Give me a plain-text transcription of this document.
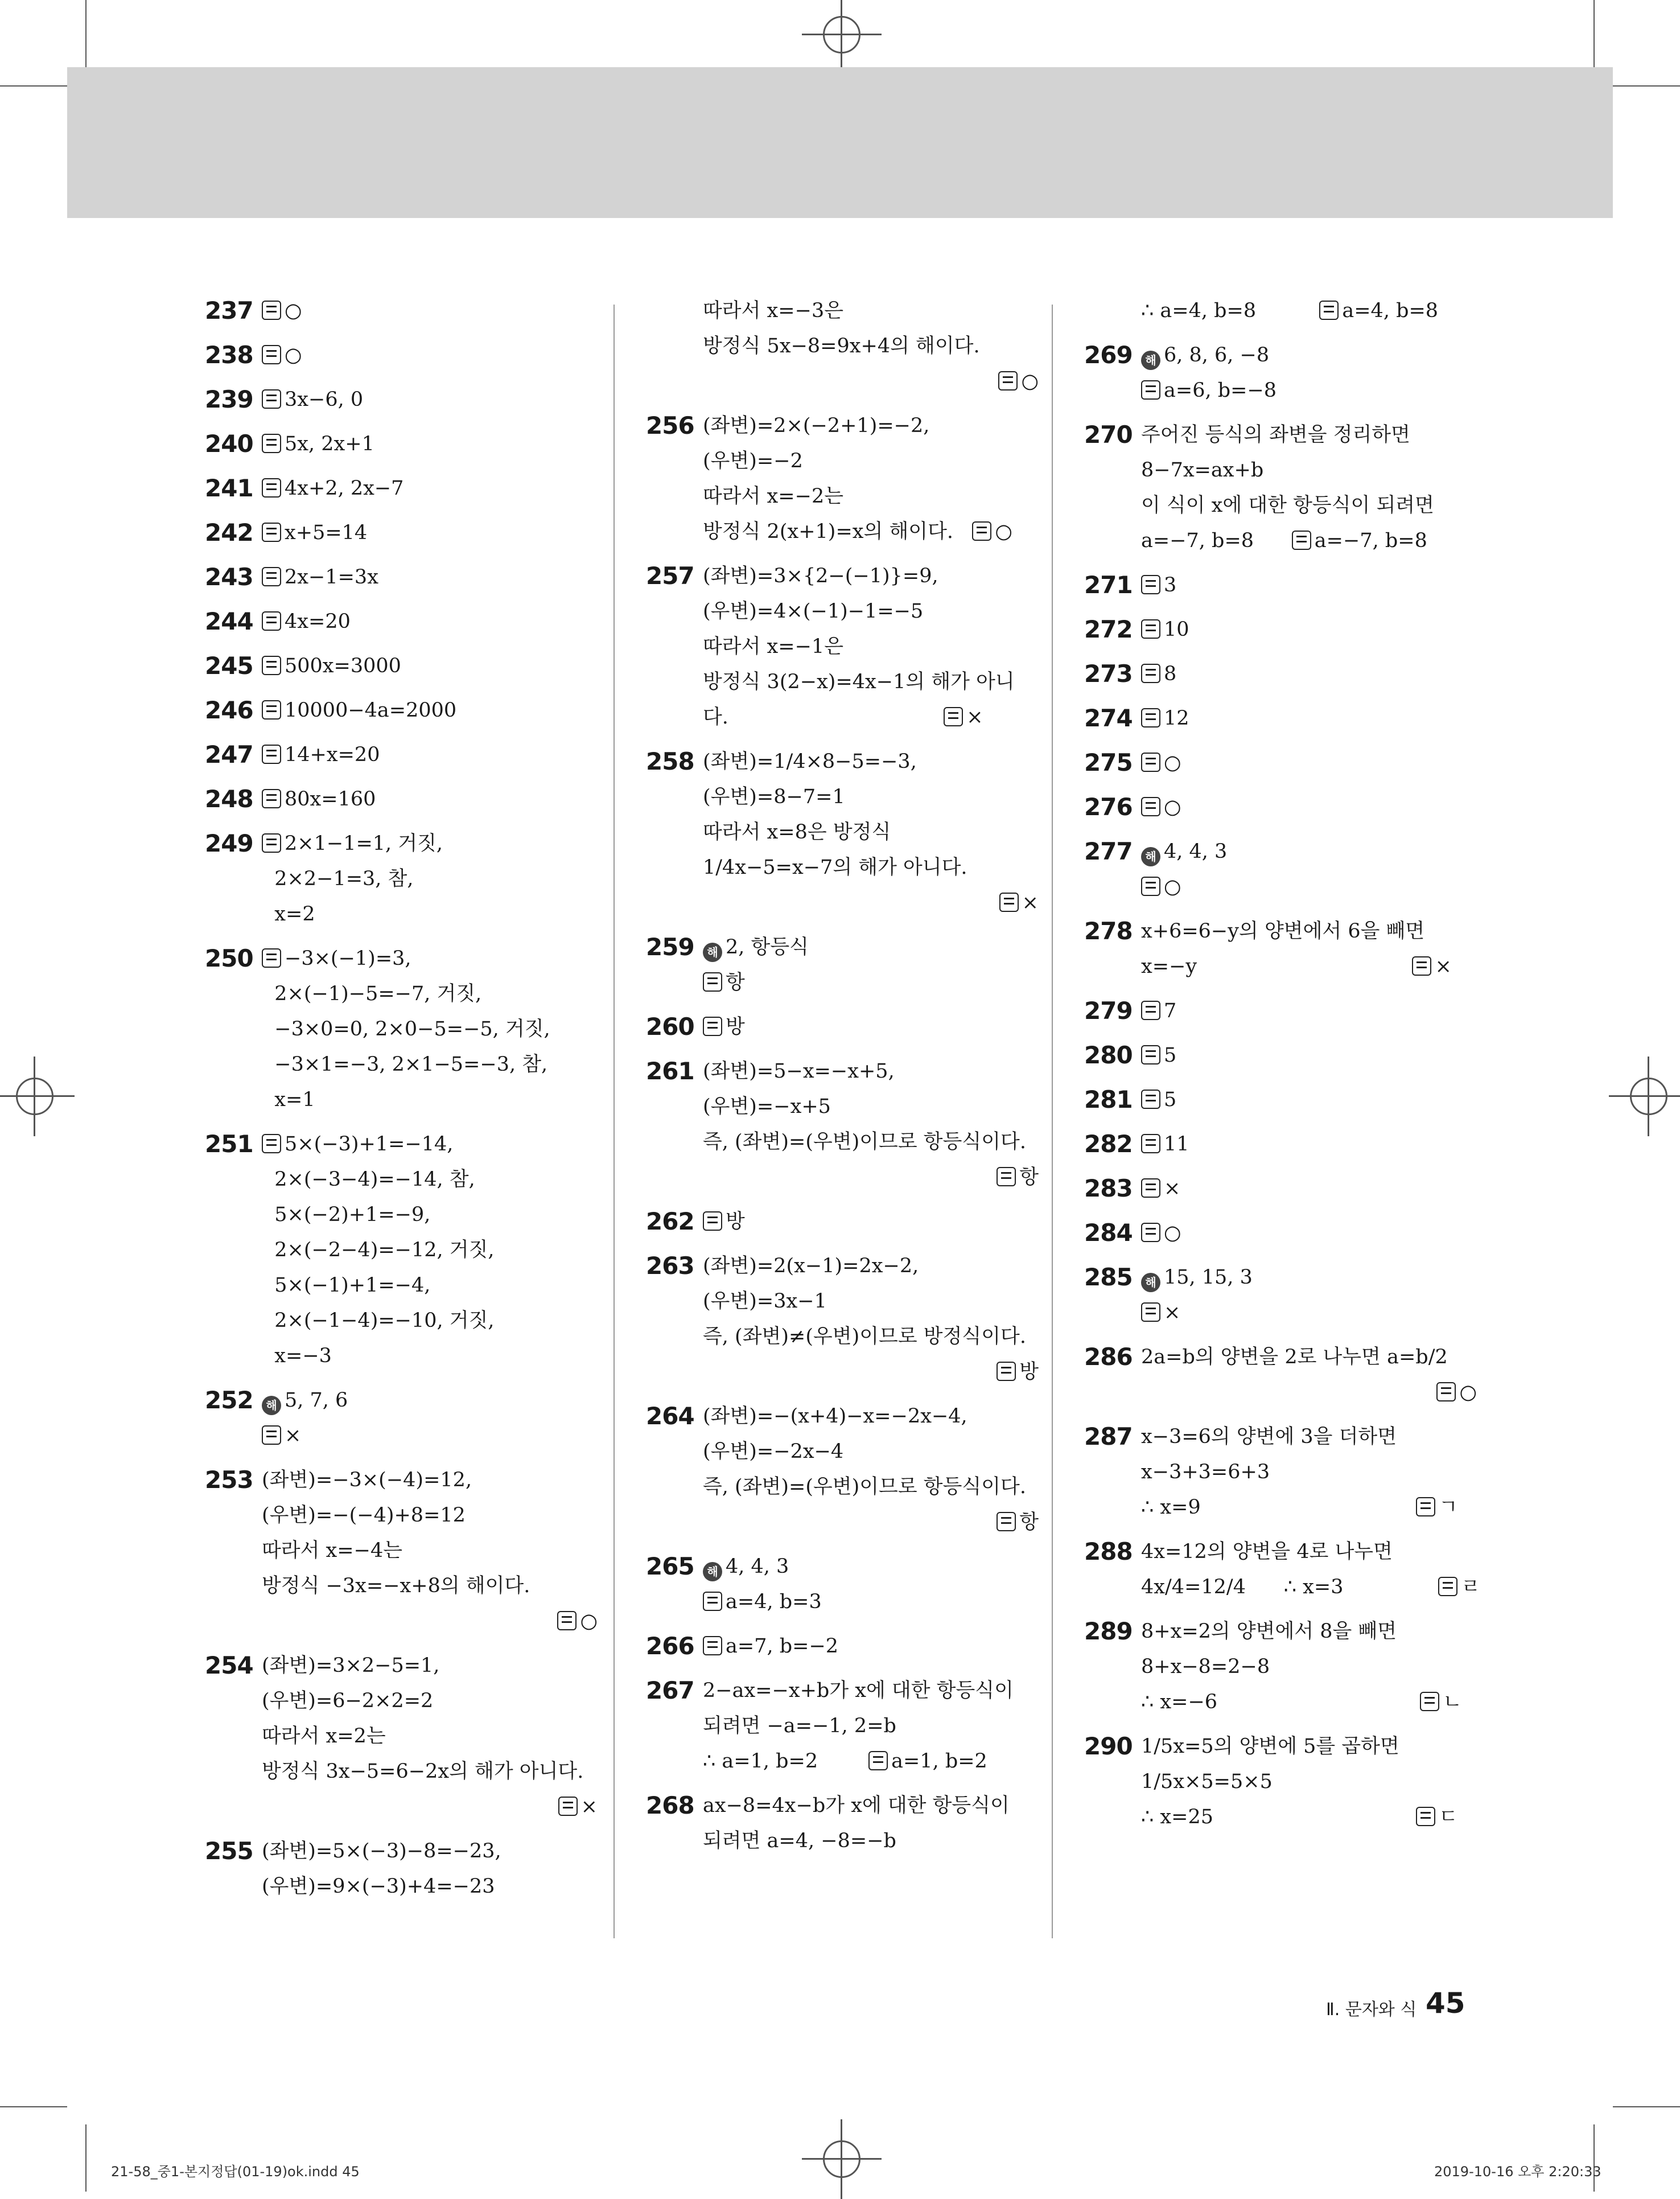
237	○
238	○
239	3x−6, 0
240	5x, 2x+1
241	4x+2, 2x−7
242	x+5=14
243	2x−1=3x
244	4x=20
245	500x=3000
246	10000−4a=2000
247	14+x=20
248	80x=160
249	2×1−1=1, 거짓,
2×2−1=3, 참,
x=2
250	−3×(−1)=3,
2×(−1)−5=−7, 거짓,
−3×0=0, 2×0−5=−5, 거짓,
−3×1=−3, 2×1−5=−3, 참,
x=1
251	5×(−3)+1=−14,
2×(−3−4)=−14, 참,
5×(−2)+1=−9,
2×(−2−4)=−12, 거짓,
5×(−1)+1=−4,
2×(−1−4)=−10, 거짓,
x=−3
252	해 5, 7, 6
×
253 (좌변)=−3×(−4)=12,
(우변)=−(−4)+8=12
따라서 x=−4는
방정식 −3x=−x+8의 해이다.
○
254 (좌변)=3×2−5=1,
(우변)=6−2×2=2
따라서 x=2는
방정식 3x−5=6−2x의 해가 아니다.
×
255 (좌변)=5×(−3)−8=−23,
(우변)=9×(−3)+4=−23
따라서 x=−3은
방정식 5x−8=9x+4의 해이다.
○
256 (좌변)=2×(−2+1)=−2,
(우변)=−2
따라서 x=−2는
방정식 2(x+1)=x의 해이다.   ○
257 (좌변)=3×{2−(−1)}=9,
(우변)=4×(−1)−1=−5
따라서 x=−1은
방정식 3(2−x)=4x−1의 해가 아니
다.                                  ×
258 (좌변)=1/4×8−5=−3,
(우변)=8−7=1
따라서 x=8은 방정식
1/4x−5=x−7의 해가 아니다.
×
259	해 2, 항등식
항
260	방
261 (좌변)=5−x=−x+5,
(우변)=−x+5
즉, (좌변)=(우변)이므로 항등식이다.
항
262	방
263 (좌변)=2(x−1)=2x−2,
(우변)=3x−1
즉, (좌변)≠(우변)이므로 방정식이다.
방
264 (좌변)=−(x+4)−x=−2x−4,
(우변)=−2x−4
즉, (좌변)=(우변)이므로 항등식이다.
항
265	해 4, 4, 3
a=4, b=3
266	a=7, b=−2
267 2−ax=−x+b가 x에 대한 항등식이
되려면 −a=−1, 2=b
∴ a=1, b=2        a=1, b=2
268 ax−8=4x−b가 x에 대한 항등식이
되려면 a=4, −8=−b
∴ a=4, b=8          a=4, b=8
269	해 6, 8, 6, −8
a=6, b=−8
270 주어진 등식의 좌변을 정리하면
8−7x=ax+b
이 식이 x에 대한 항등식이 되려면
a=−7, b=8      a=−7, b=8
271	3
272	10
273	8
274	12
275	○
276	○
277	해 4, 4, 3
○
278 x+6=6−y의 양변에서 6을 빼면
x=−y                                  ×
279	7
280	5
281	5
282	11
283	×
284	○
285	해 15, 15, 3
×
286 2a=b의 양변을 2로 나누면 a=b/2
○
287 x−3=6의 양변에 3을 더하면
x−3+3=6+3
∴ x=9                                  ㄱ
288 4x=12의 양변을 4로 나누면
4x/4=12/4      ∴ x=3               ㄹ
289 8+x=2의 양변에서 8을 빼면
8+x−8=2−8
∴ x=−6                                ㄴ
290 1/5x=5의 양변에 5를 곱하면
1/5x×5=5×5
∴ x=25                                ㄷ
Ⅱ. 문자와 식 45
21-58_중1-본지정답(01-19)ok.indd 45	2019-10-16 오후 2:20:33
